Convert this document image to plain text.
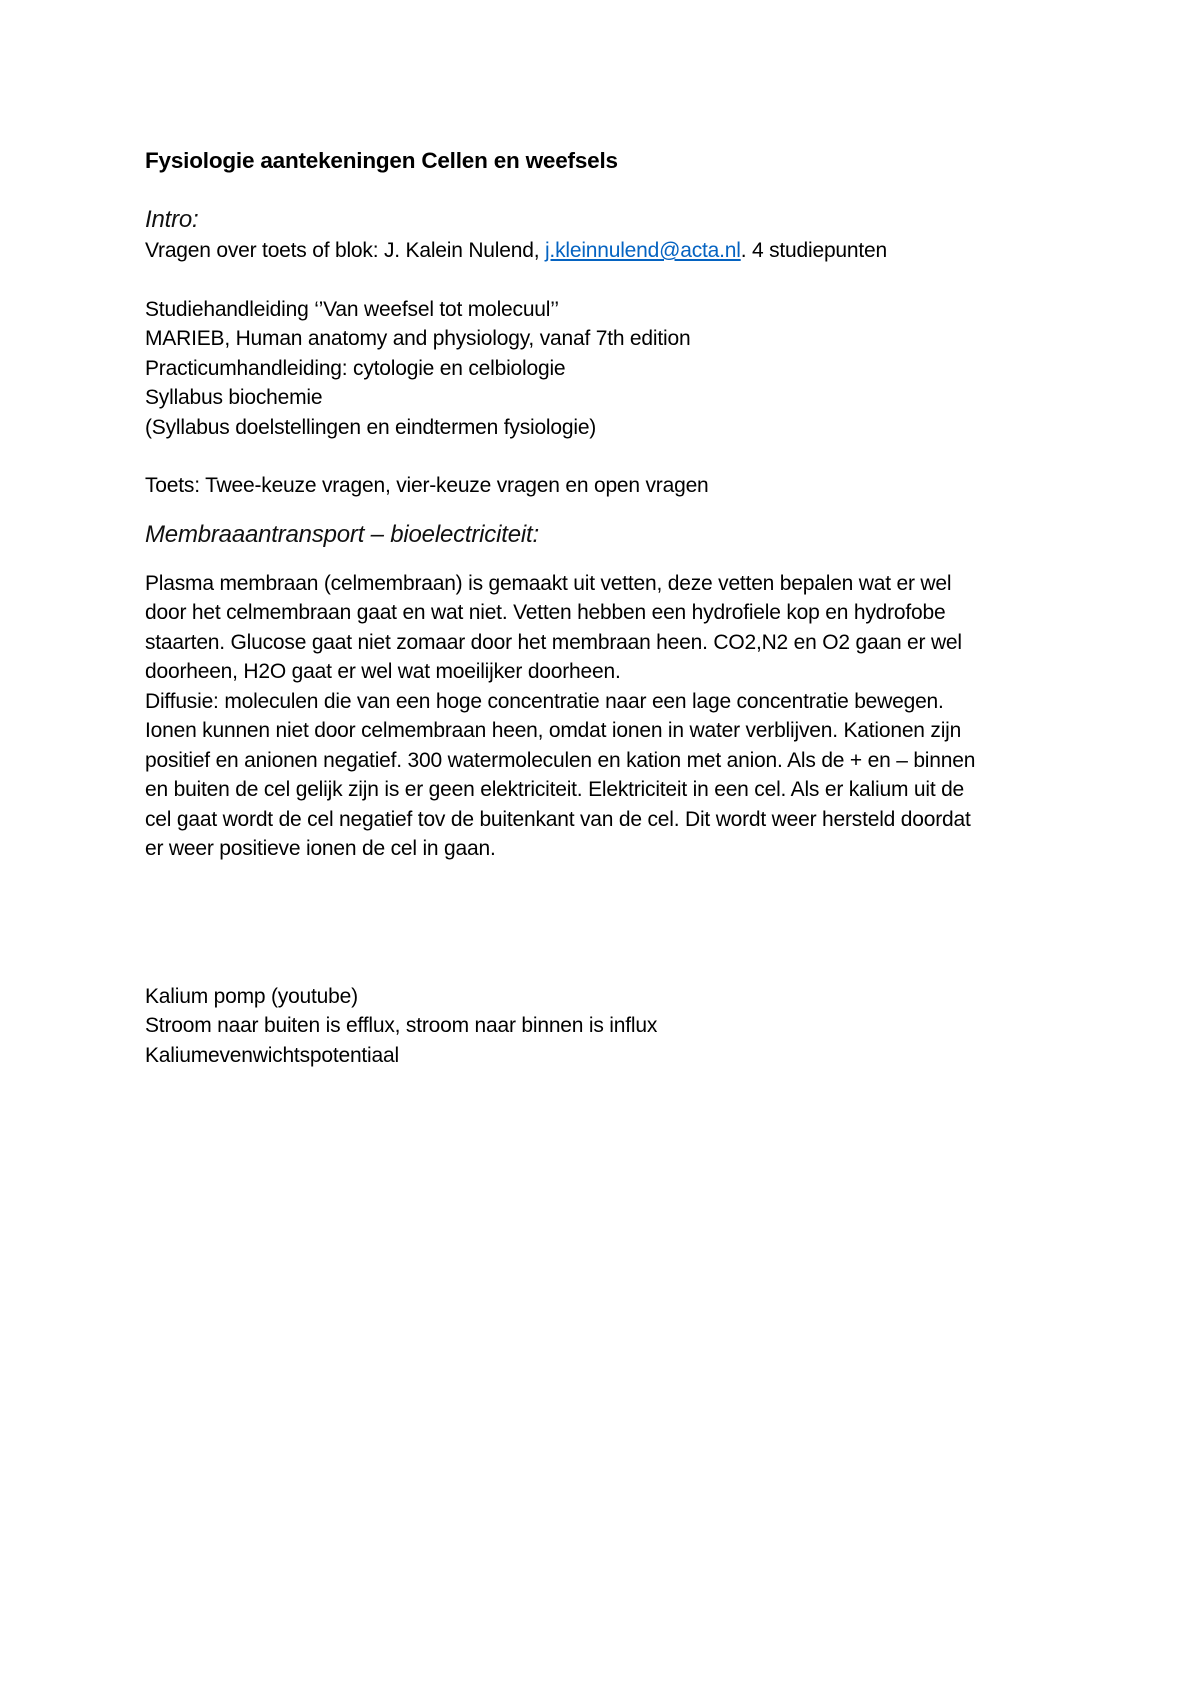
Fysiologie aantekeningen Cellen en weefsels

Intro:

Vragen over toets of blok: J. Kalein Nulend, j.kleinnulend@acta.nl. 4 studiepunten

Studiehandleiding ‘’Van weefsel tot molecuul’’

MARIEB, Human anatomy and physiology, vanaf 7th edition

Practicumhandleiding: cytologie en celbiologie

Syllabus biochemie

(Syllabus doelstellingen en eindtermen fysiologie)

Toets: Twee-keuze vragen, vier-keuze vragen en open vragen

Membraaantransport – bioelectriciteit:

Plasma membraan (celmembraan) is gemaakt uit vetten, deze vetten bepalen wat er wel

door het celmembraan gaat en wat niet. Vetten hebben een hydrofiele kop en hydrofobe

staarten. Glucose gaat niet zomaar door het membraan heen. CO2,N2 en O2 gaan er wel

doorheen, H2O gaat er wel wat moeilijker doorheen.

Diffusie: moleculen die van een hoge concentratie naar een lage concentratie bewegen.

Ionen kunnen niet door celmembraan heen, omdat ionen in water verblijven. Kationen zijn

positief en anionen negatief. 300 watermoleculen en kation met anion. Als de + en – binnen

en buiten de cel gelijk zijn is er geen elektriciteit. Elektriciteit in een cel. Als er kalium uit de

cel gaat wordt de cel negatief tov de buitenkant van de cel. Dit wordt weer hersteld doordat

er weer positieve ionen de cel in gaan.

Kalium pomp (youtube)

Stroom naar buiten is efflux, stroom naar binnen is influx

Kaliumevenwichtspotentiaal
